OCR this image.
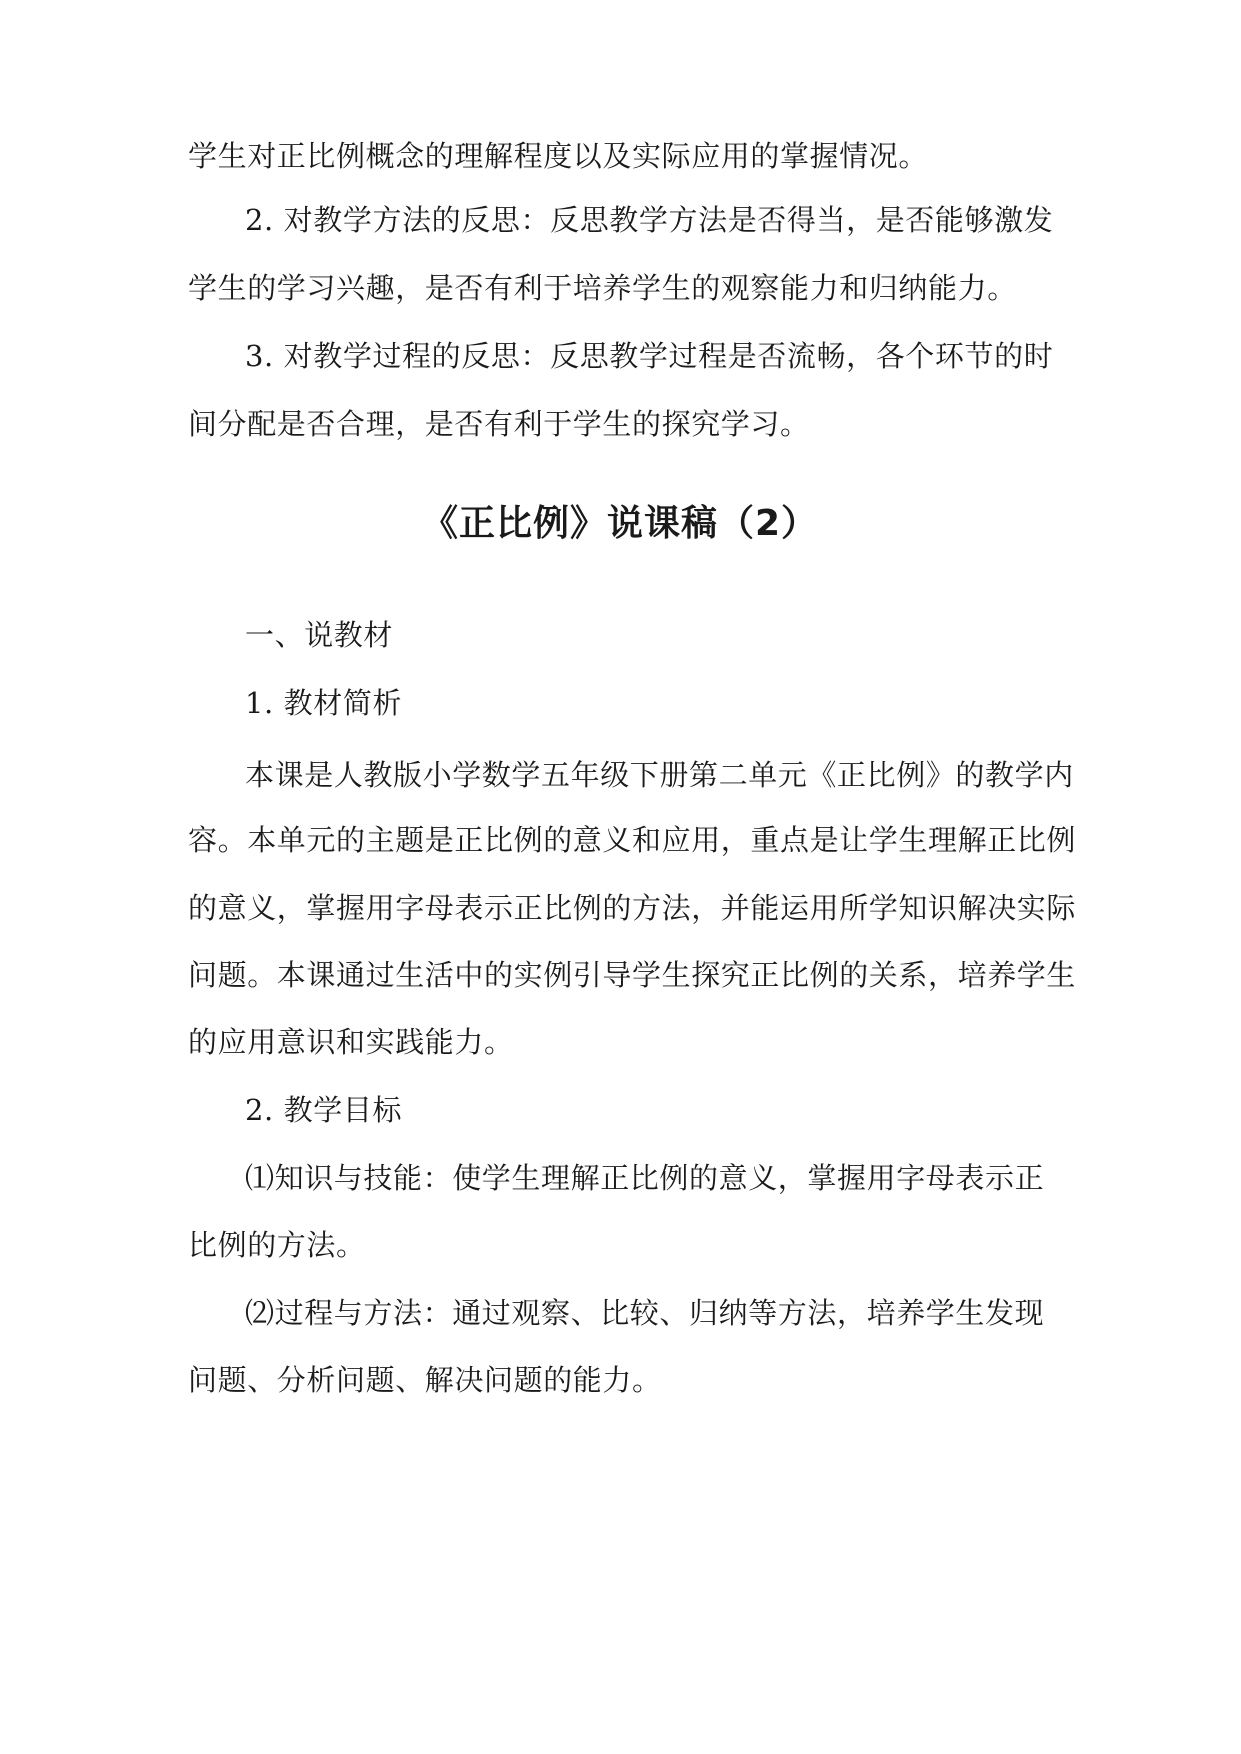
学生对正比例概念的理解程度以及实际应用的掌握情况。
2. 对教学方法的反思：反思教学方法是否得当，是否能够激发
学生的学习兴趣，是否有利于培养学生的观察能力和归纳能力。
3. 对教学过程的反思：反思教学过程是否流畅，各个环节的时
间分配是否合理，是否有利于学生的探究学习。
《正比例》说课稿（2）
一、说教材
1. 教材简析
本课是人教版小学数学五年级下册第二单元《正比例》的教学内
容。本单元的主题是正比例的意义和应用，重点是让学生理解正比例
的意义，掌握用字母表示正比例的方法，并能运用所学知识解决实际
问题。本课通过生活中的实例引导学生探究正比例的关系，培养学生
的应用意识和实践能力。
2. 教学目标
⑴知识与技能：使学生理解正比例的意义，掌握用字母表示正
比例的方法。
⑵过程与方法：通过观察、比较、归纳等方法，培养学生发现
问题、分析问题、解决问题的能力。
